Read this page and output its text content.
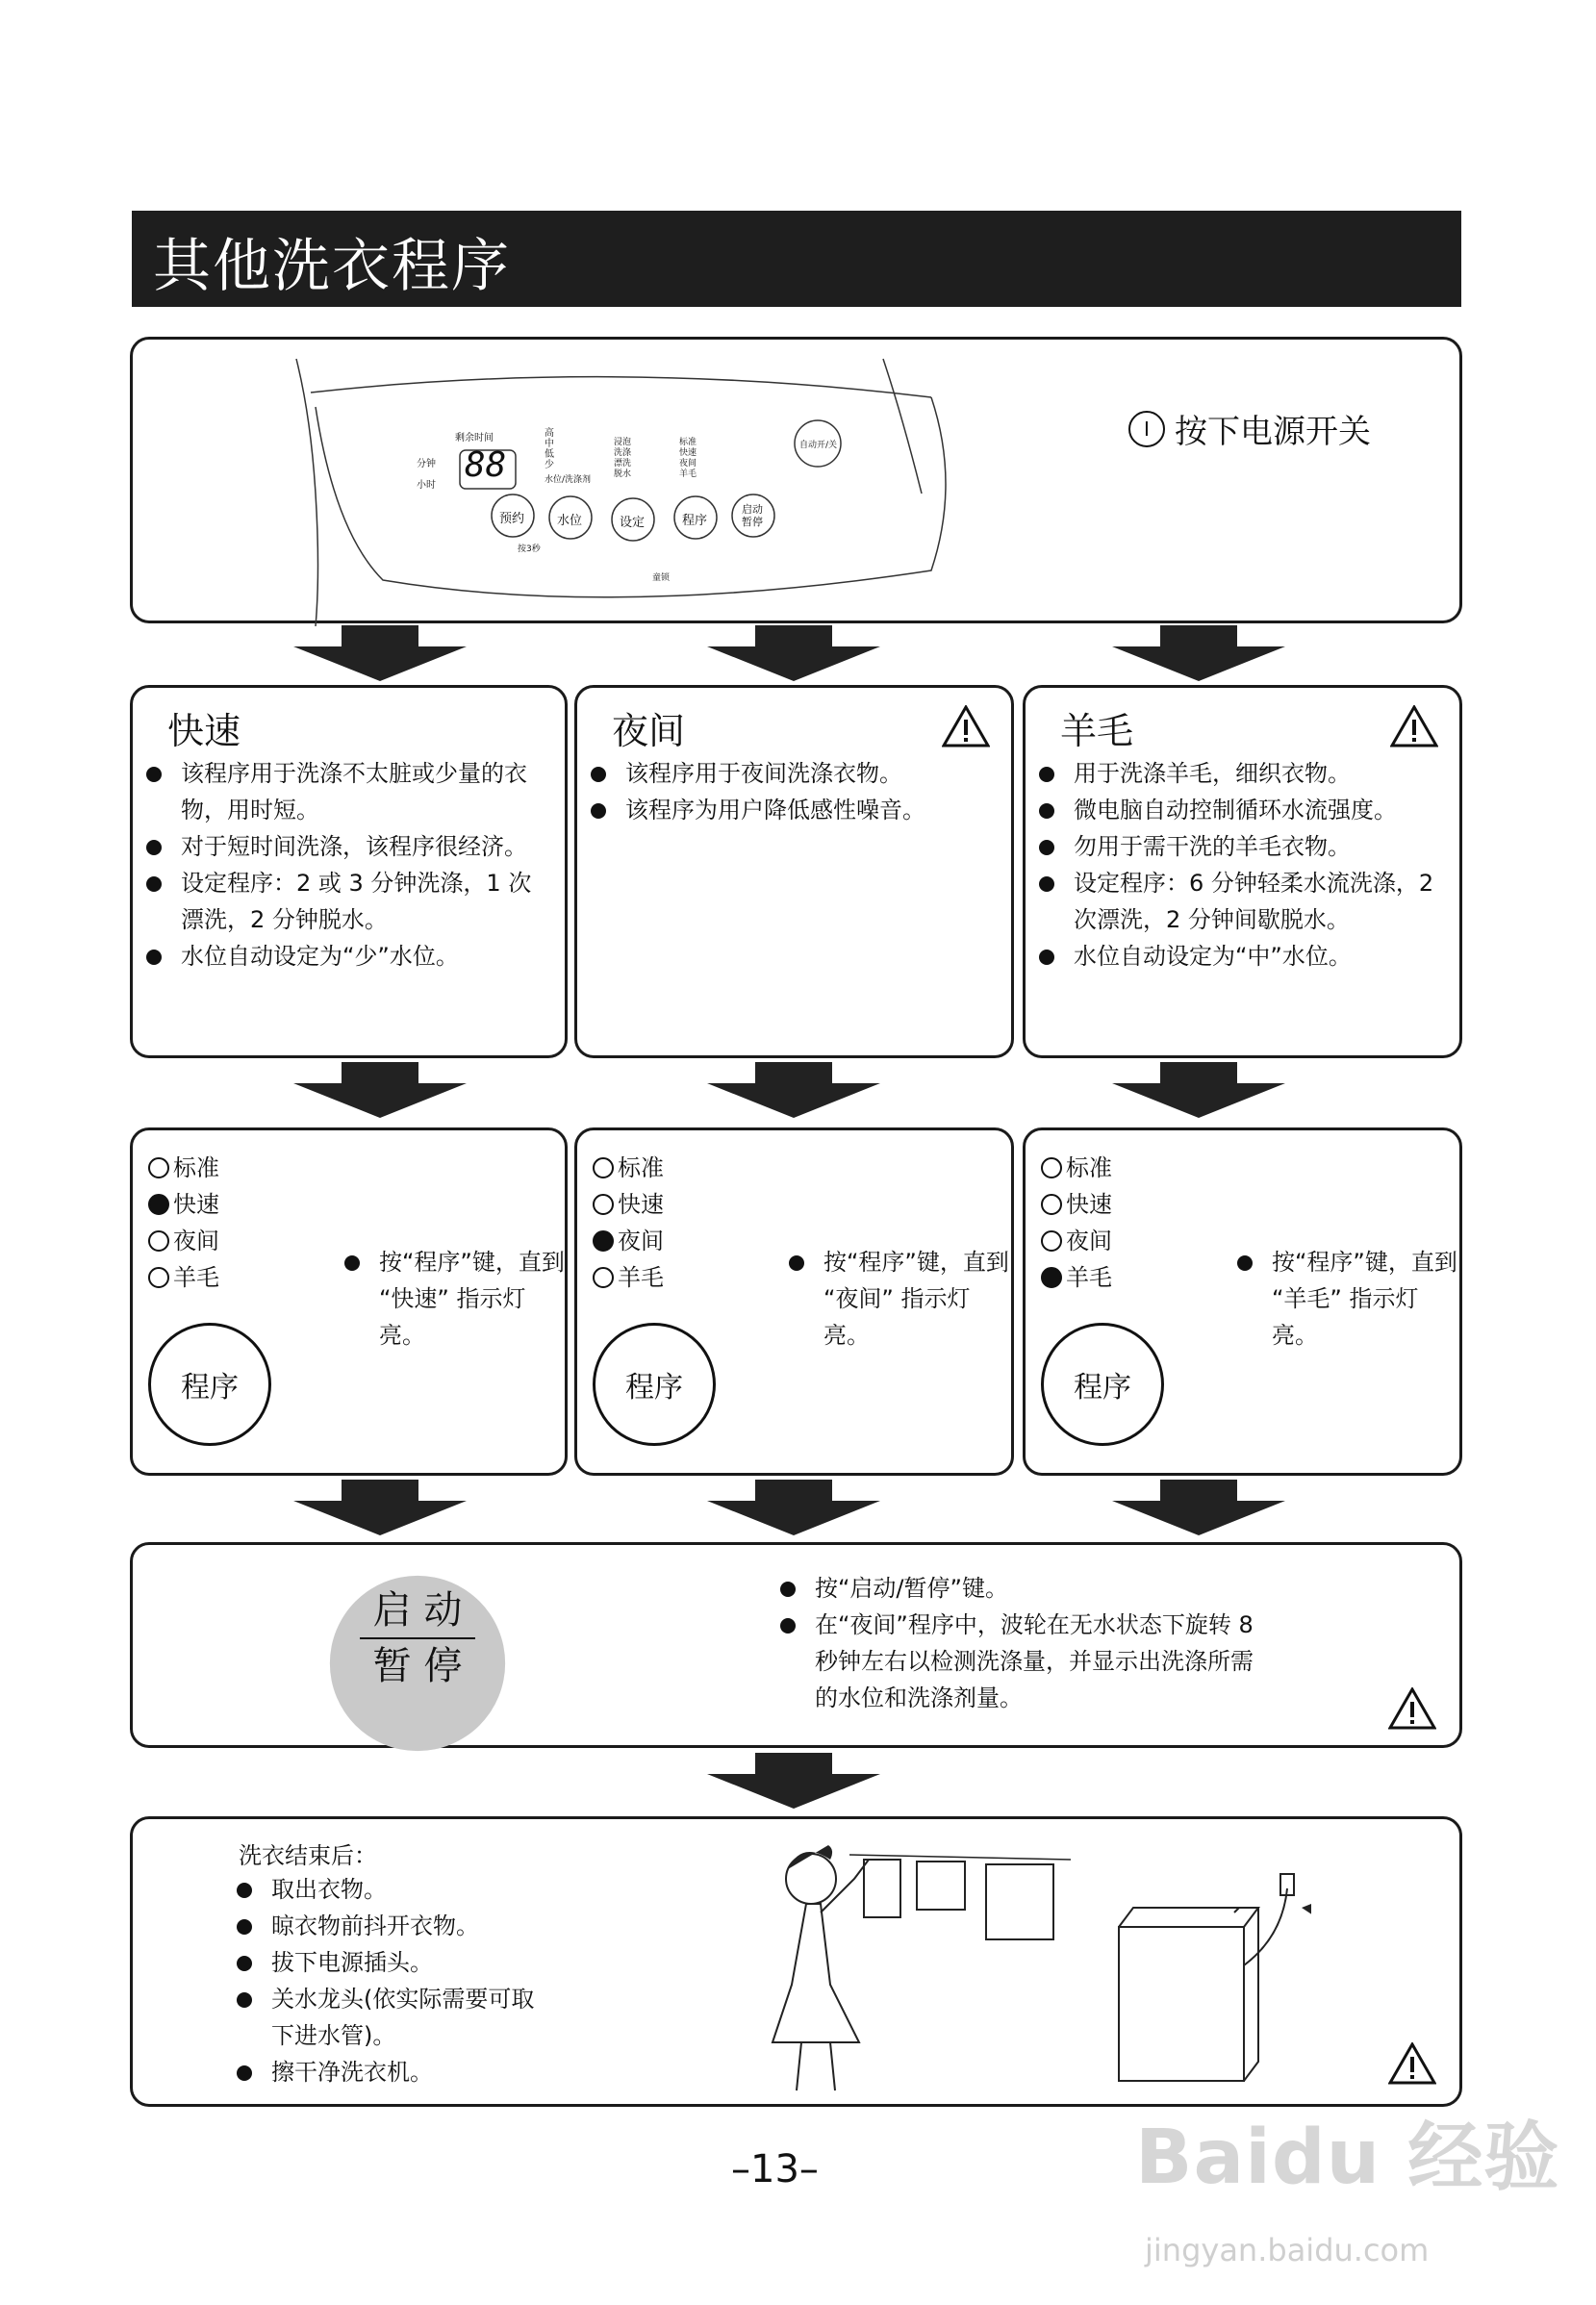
其他洗衣程序
剩余时间
分钟
小时
88
高
中
低
少
水位/洗涤剂
浸泡
洗涤
漂洗
脱水
标准
快速
夜间
羊毛
自动开/关
预约	水位	设定	程序
启动
暂停
按3秒
童锁
Ⅰ 按下电源开关
快速
该程序用于洗涤不太脏或少量的衣物，用时短。
对于短时间洗涤，该程序很经济。
设定程序：2 或 3 分钟洗涤，1 次漂洗，2 分钟脱水。
水位自动设定为“少”水位。
夜间
该程序用于夜间洗涤衣物。
该程序为用户降低感性噪音。
羊毛
用于洗涤羊毛，细织衣物。
微电脑自动控制循环水流强度。
勿用于需干洗的羊毛衣物。
设定程序：6 分钟轻柔水流洗涤，2 次漂洗，2 分钟间歇脱水。
水位自动设定为“中”水位。
标准
快速
夜间
羊毛
按“程序”键，直到 “快速” 指示灯亮。
程序
标准
快速
夜间
羊毛
按“程序”键，直到 “夜间” 指示灯亮。
程序
标准
快速
夜间
羊毛
按“程序”键，直到 “羊毛” 指示灯亮。
程序
启 动
暂 停
按“启动/暂停”键。
在“夜间”程序中，波轮在无水状态下旋转 8 秒钟左右以检测洗涤量，并显示出洗涤所需的水位和洗涤剂量。
洗衣结束后：
取出衣物。
晾衣物前抖开衣物。
拔下电源插头。
关水龙头(依实际需要可取下进水管)。
擦干净洗衣机。
–13–	Baidu 经验
jingyan.baidu.com
